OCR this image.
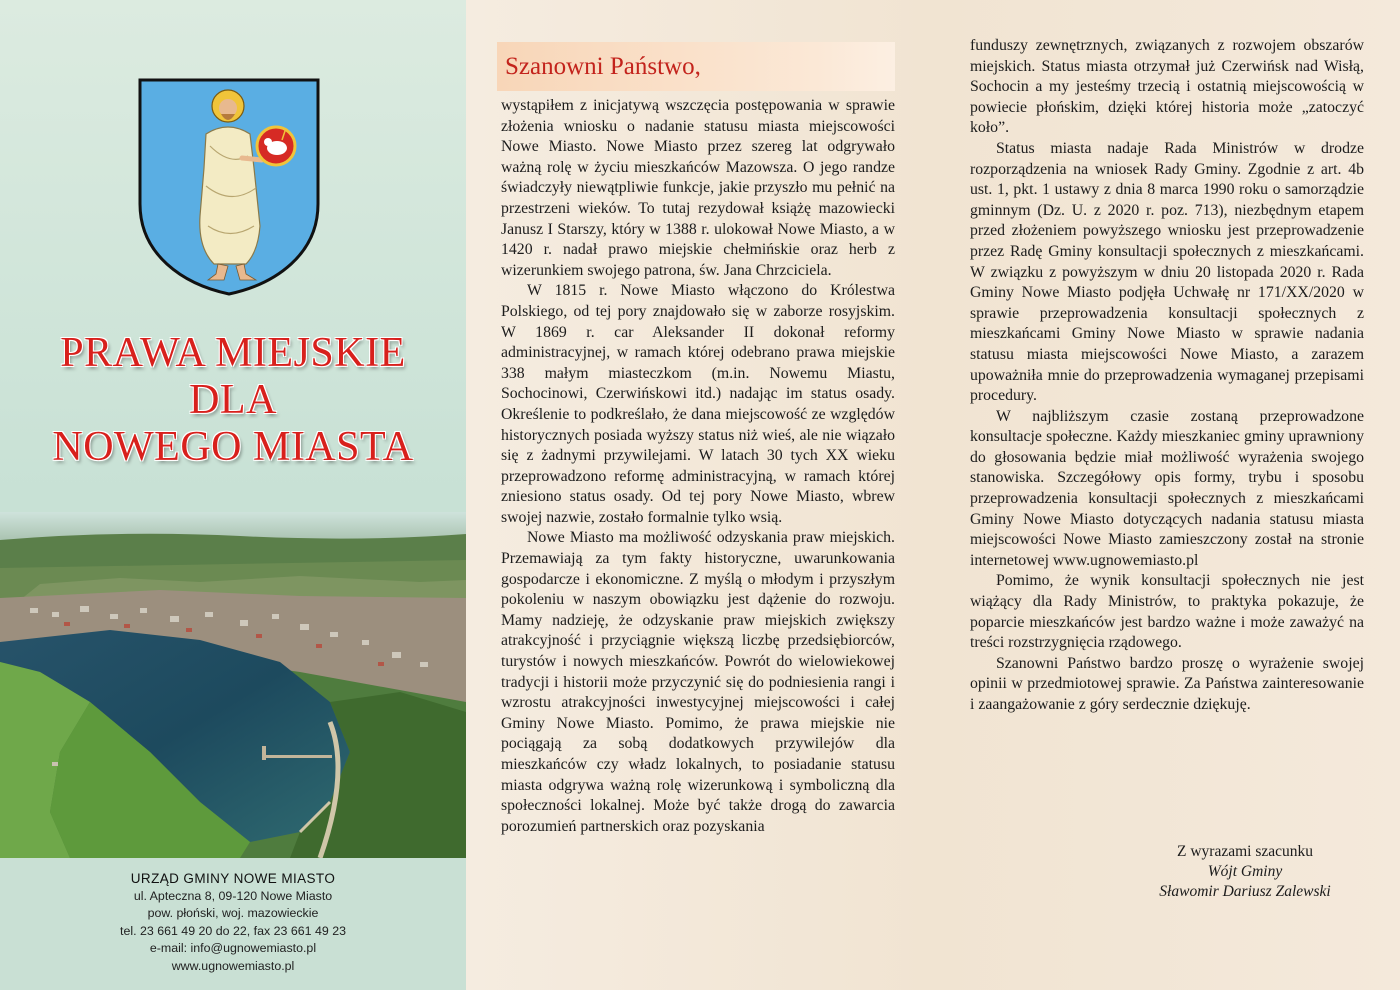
PRAWA MIEJSKIE
DLA
NOWEGO MIASTA
URZĄD GMINY NOWE MIASTO
ul. Apteczna 8, 09-120 Nowe Miasto
pow. płoński, woj. mazowieckie
tel. 23 661 49 20 do 22, fax 23 661 49 23
e-mail: info@ugnowemiasto.pl
www.ugnowemiasto.pl
Szanowni Państwo,

wystąpiłem z inicjatywą wszczęcia postępowania w sprawie złożenia wniosku o nadanie statusu miasta miejscowości Nowe Miasto. Nowe Miasto przez szereg lat odgrywało ważną rolę w życiu mieszkańców Mazowsza. O jego randze świadczyły niewątpliwie funkcje, jakie przyszło mu pełnić na przestrzeni wieków. To tutaj rezydował książę mazowiecki Janusz I Starszy, który w 1388 r. ulokował Nowe Miasto, a w 1420 r. nadał prawo miejskie chełmińskie oraz herb z wizerunkiem swojego patrona, św. Jana Chrzciciela.

W 1815 r. Nowe Miasto włączono do Królestwa Polskiego, od tej pory znajdowało się w zaborze rosyjskim. W 1869 r. car Aleksander II dokonał reformy administracyjnej, w ramach której odebrano prawa miejskie 338 małym miasteczkom (m.in. Nowemu Miastu, Sochocinowi, Czerwińskowi itd.) nadając im status osady. Określenie to podkreślało, że dana miejscowość ze względów historycznych posiada wyższy status niż wieś, ale nie wiązało się z żadnymi przywilejami. W latach 30 tych XX wieku przeprowadzono reformę administracyjną, w ramach której zniesiono status osady. Od tej pory Nowe Miasto, wbrew swojej nazwie, zostało formalnie tylko wsią.

Nowe Miasto ma możliwość odzyskania praw miejskich. Przemawiają za tym fakty historyczne, uwarunkowania gospodarcze i ekonomiczne. Z myślą o młodym i przyszłym pokoleniu w naszym obowiązku jest dążenie do rozwoju. Mamy nadzieję, że odzyskanie praw miejskich zwiększy atrakcyjność i przyciągnie większą liczbę przedsiębiorców, turystów i nowych mieszkańców. Powrót do wielowiekowej tradycji i historii może przyczynić się do podniesienia rangi i wzrostu atrakcyjności inwestycyjnej miejscowości i całej Gminy Nowe Miasto. Pomimo, że prawa miejskie nie pociągają za sobą dodatkowych przywilejów dla mieszkańców czy władz lokalnych, to posiadanie statusu miasta odgrywa ważną rolę wizerunkową i symboliczną dla społeczności lokalnej. Może być także drogą do zawarcia porozumień partnerskich oraz pozyskania

funduszy zewnętrznych, związanych z rozwojem obszarów miejskich. Status miasta otrzymał już Czerwińsk nad Wisłą, Sochocin a my jesteśmy trzecią i ostatnią miejscowością w powiecie płońskim, dzięki której historia może „zatoczyć koło”.

Status miasta nadaje Rada Ministrów w drodze rozporządzenia na wniosek Rady Gminy. Zgodnie z art. 4b ust. 1, pkt. 1 ustawy z dnia 8 marca 1990 roku o samorządzie gminnym (Dz. U. z 2020 r. poz. 713), niezbędnym etapem przed złożeniem powyższego wniosku jest przeprowadzenie przez Radę Gminy konsultacji społecznych z mieszkańcami. W związku z powyższym w dniu 20 listopada 2020 r. Rada Gminy Nowe Miasto podjęła Uchwałę nr 171/XX/2020 w sprawie przeprowadzenia konsultacji społecznych z mieszkańcami Gminy Nowe Miasto w sprawie nadania statusu miasta miejscowości Nowe Miasto, a zarazem upoważniła mnie do przeprowadzenia wymaganej przepisami procedury.

W najbliższym czasie zostaną przeprowadzone konsultacje społeczne. Każdy mieszkaniec gminy uprawniony do głosowania będzie miał możliwość wyrażenia swojego stanowiska. Szczegółowy opis formy, trybu i sposobu przeprowadzenia konsultacji społecznych z mieszkańcami Gminy Nowe Miasto dotyczących nadania statusu miasta miejscowości Nowe Miasto zamieszczony został na stronie internetowej www.ugnowemiasto.pl

Pomimo, że wynik konsultacji społecznych nie jest wiążący dla Rady Ministrów, to praktyka pokazuje, że poparcie mieszkańców jest bardzo ważne i może zaważyć na treści rozstrzygnięcia rządowego.

Szanowni Państwo bardzo proszę o wyrażenie swojej opinii w przedmiotowej sprawie. Za Państwa zainteresowanie i zaangażowanie z góry serdecznie dziękuję.

Z wyrazami szacunku
Wójt Gminy
Sławomir Dariusz Zalewski
